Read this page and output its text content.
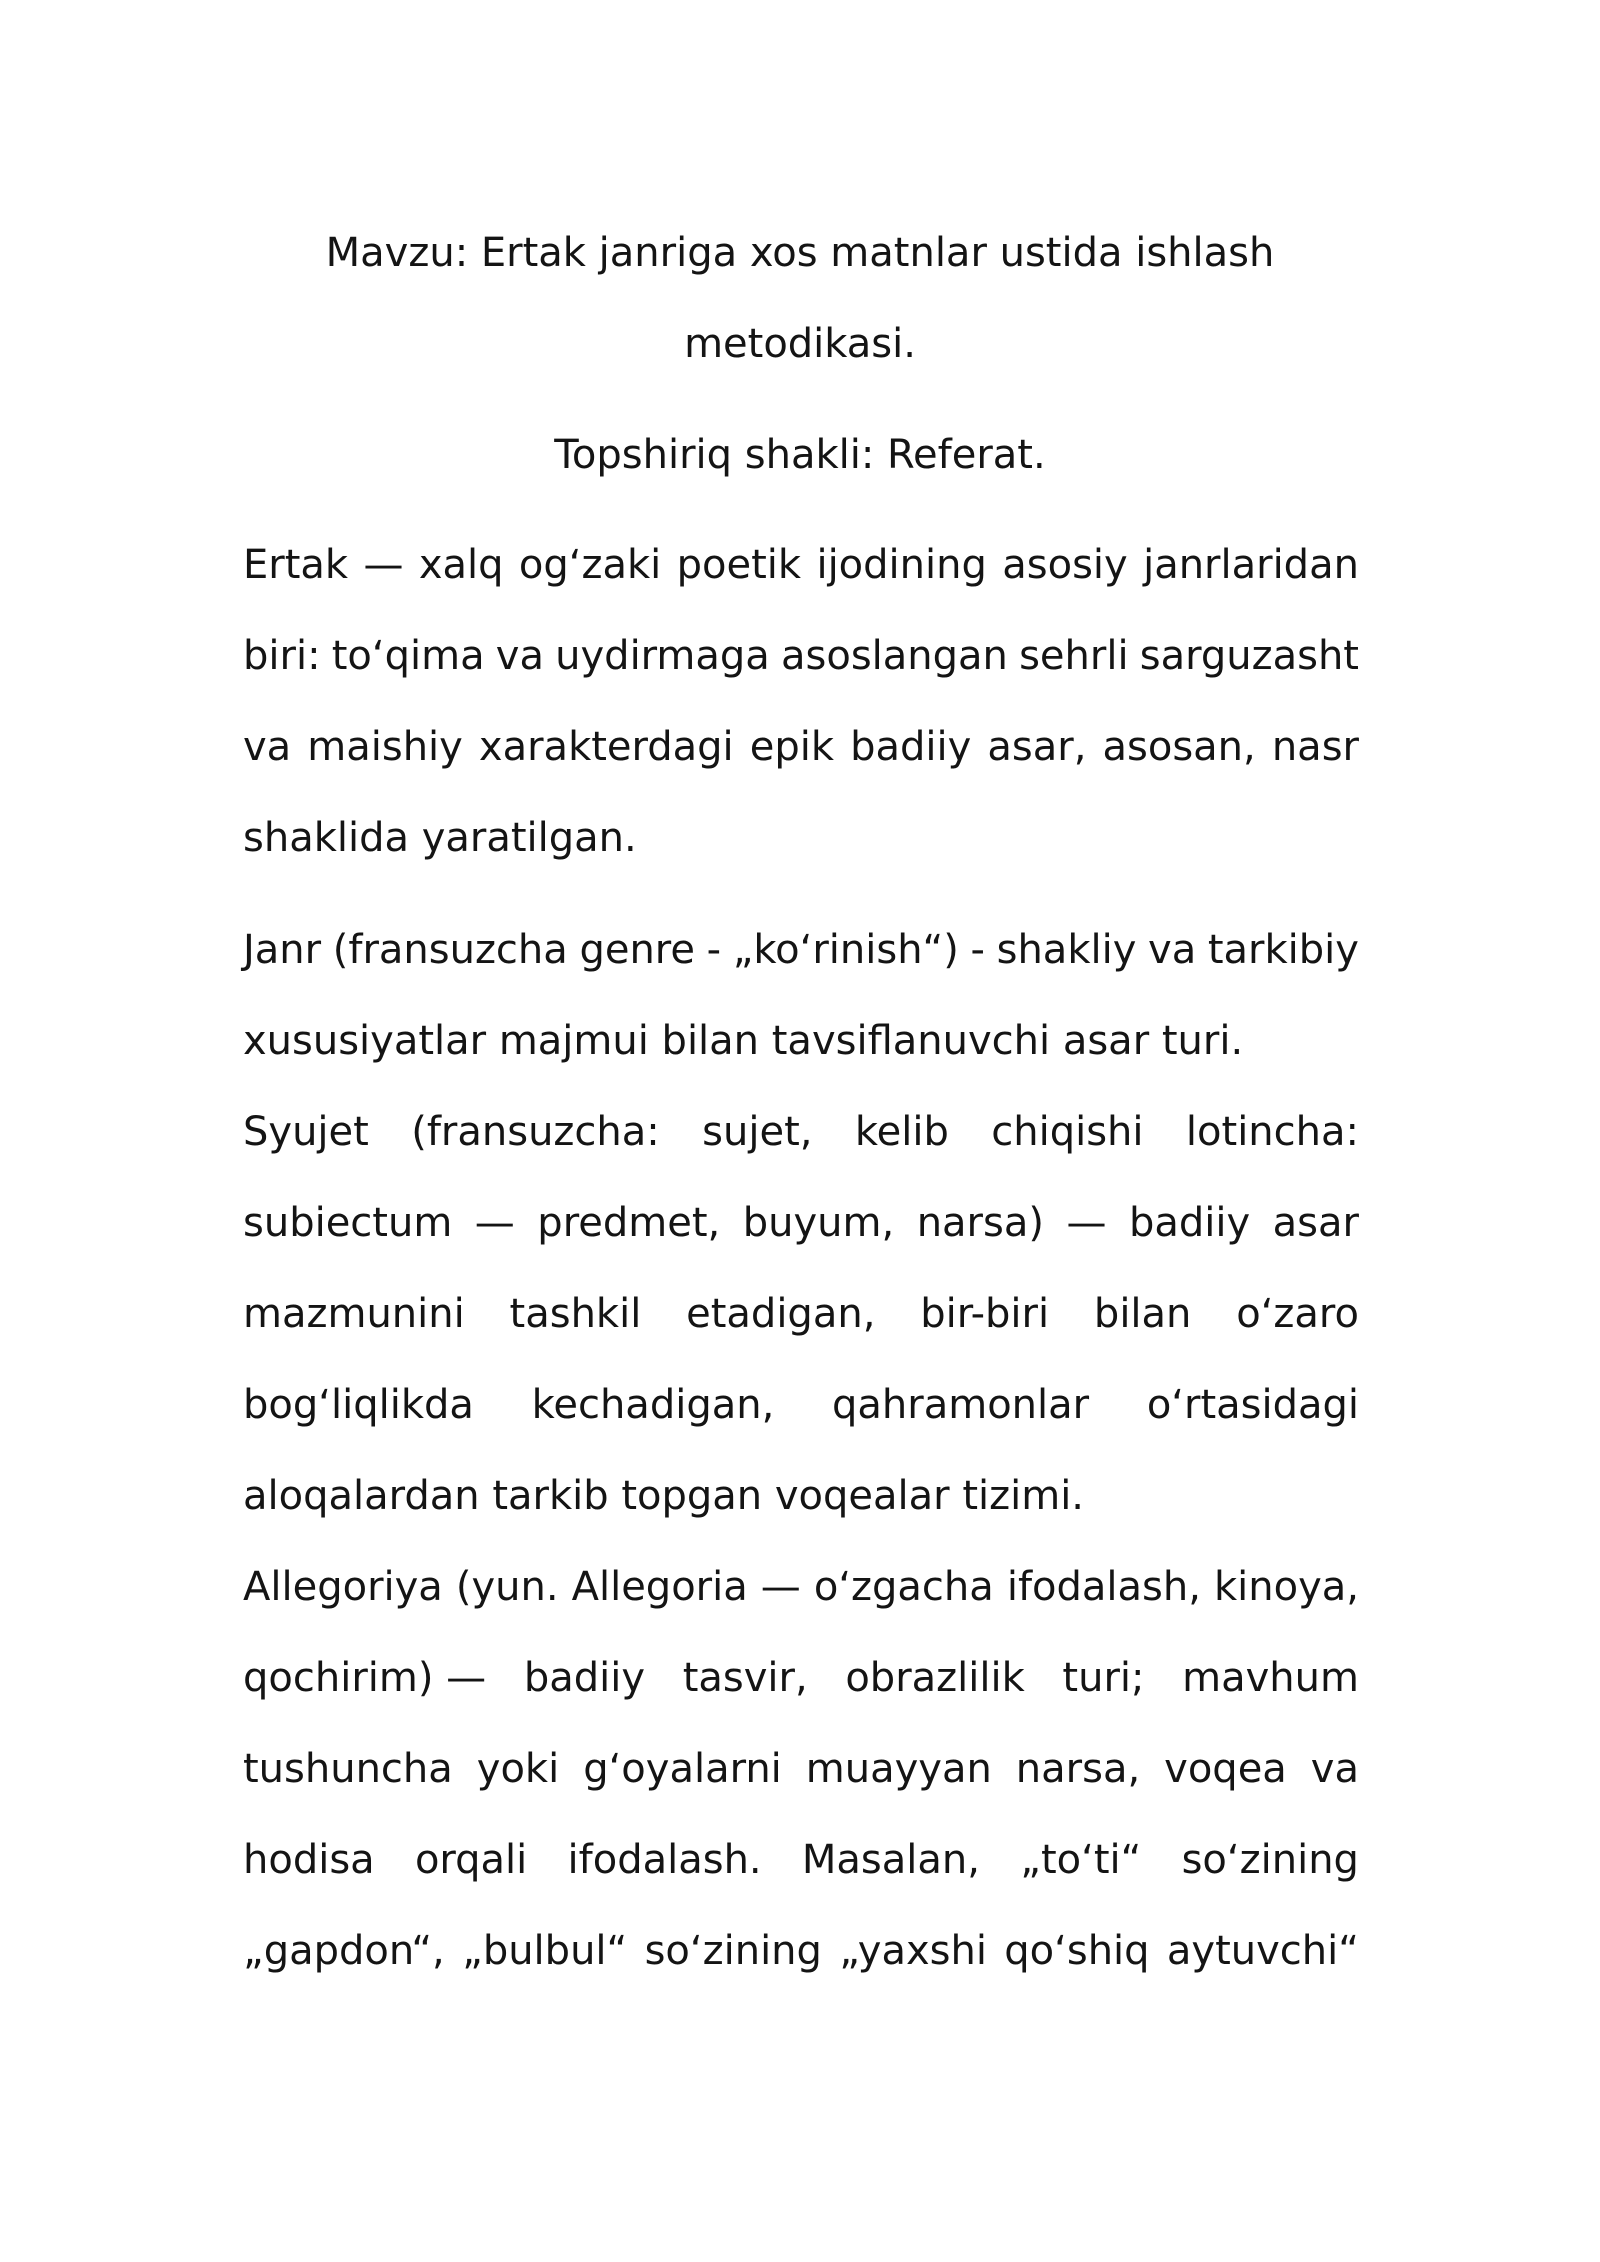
Mavzu: Ertak janriga xos matnlar ustida ishlash
metodikasi.
Topshiriq shakli: Referat.
Ertak — xalq og‘zaki poetik ijodining asosiy janrlaridan
biri: to‘qima va uydirmaga asoslangan sehrli sarguzasht
va maishiy xarakterdagi epik badiiy asar, asosan, nasr
shaklida yaratilgan.
Janr (fransuzcha genre - „ko‘rinish“) - shakliy va tarkibiy
xususiyatlar majmui bilan tavsiflanuvchi asar turi.
Syujet (fransuzcha: sujet, kelib chiqishi lotincha:
subiectum — predmet, buyum, narsa) — badiiy asar
mazmunini tashkil etadigan, bir-biri bilan o‘zaro
bog‘liqlikda kechadigan, qahramonlar o‘rtasidagi
aloqalardan tarkib topgan voqealar tizimi.
Allegoriya (yun. Allegoria — o‘zgacha ifodalash, kinoya,
qochirim) — badiiy tasvir, obrazlilik turi; mavhum
tushuncha yoki g‘oyalarni muayyan narsa, voqea va
hodisa orqali ifodalash. Masalan, „to‘ti“ so‘zining
„gapdon“, „bulbul“ so‘zining „yaxshi qo‘shiq aytuvchi“
